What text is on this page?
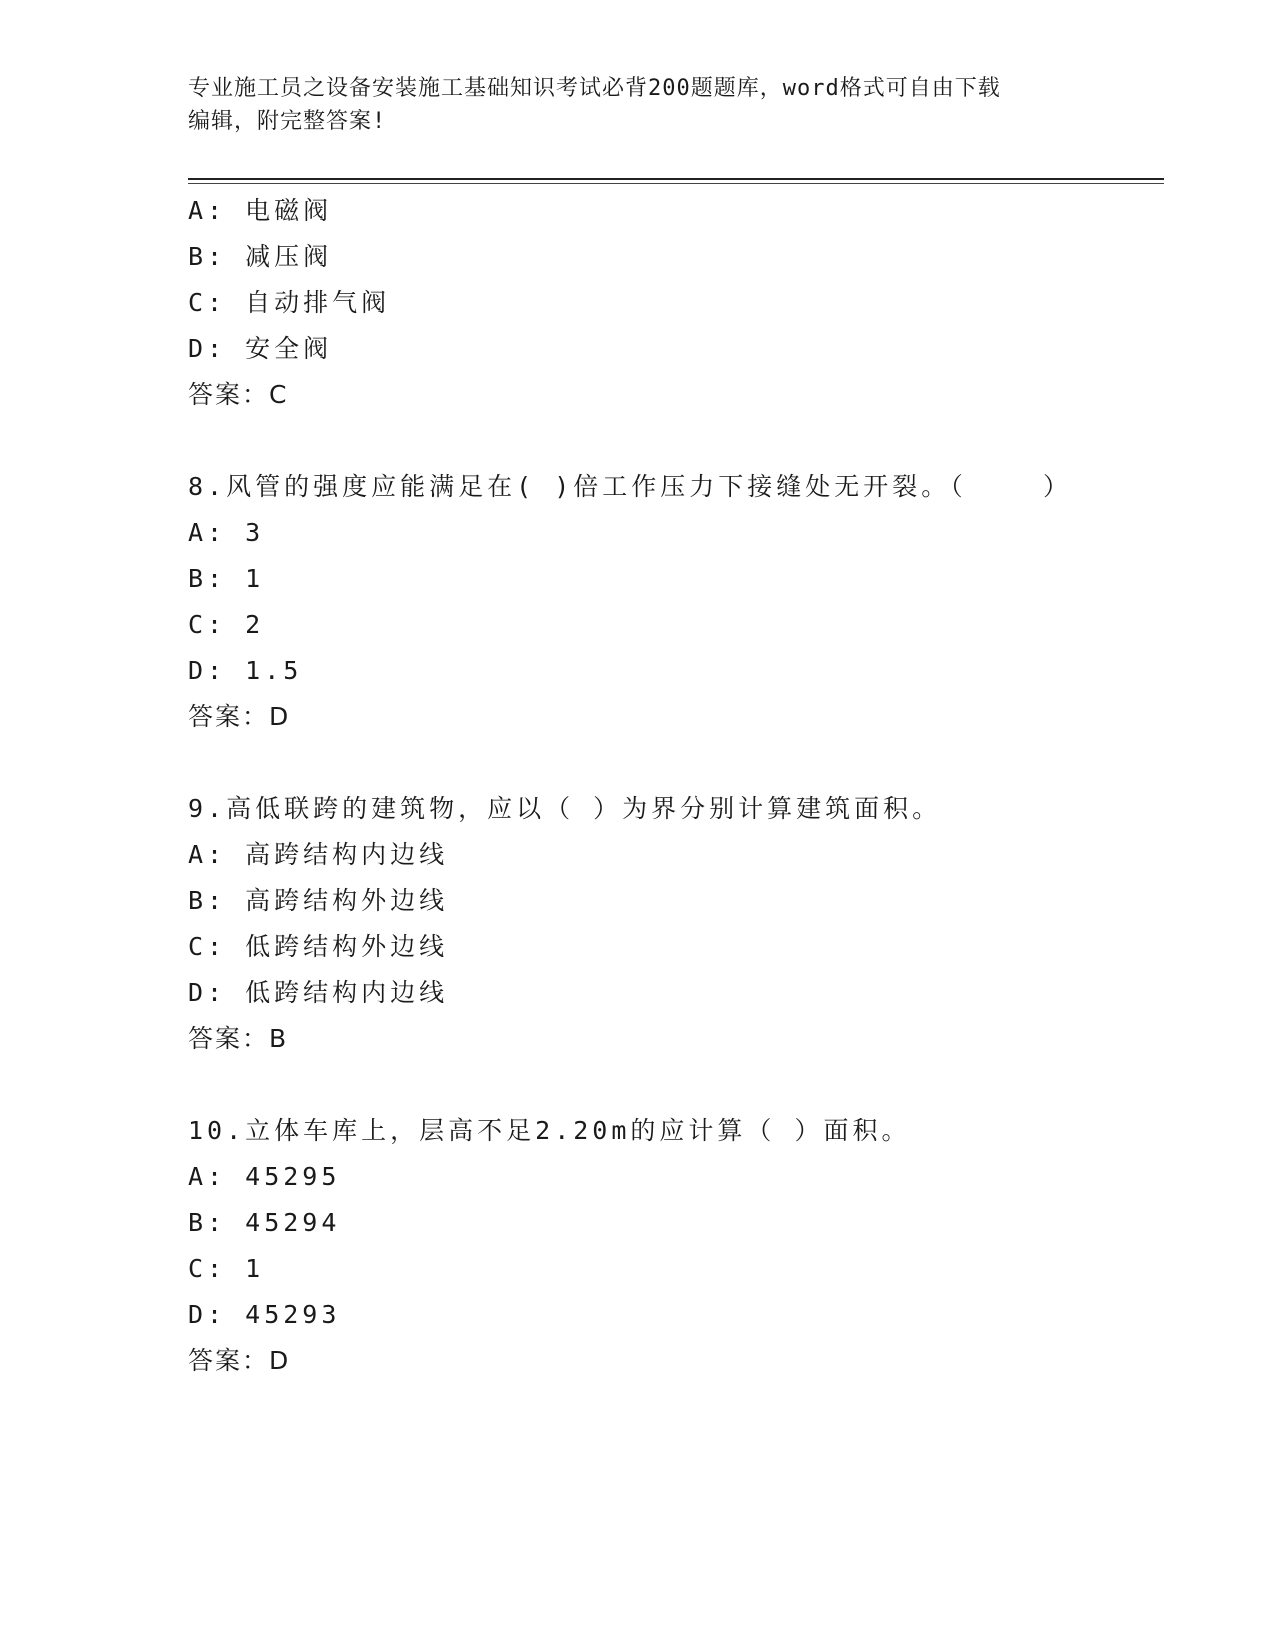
专业施工员之设备安装施工基础知识考试必背200题题库，word格式可自由下载
编辑，附完整答案!
A: 电磁阀
B: 减压阀
C: 自动排气阀
D: 安全阀
答案：C
8.风管的强度应能满足在( )倍工作压力下接缝处无开裂。（    ）
A: 3
B: 1
C: 2
D: 1.5
答案：D
9.高低联跨的建筑物，应以（ ）为界分别计算建筑面积。
A: 高跨结构内边线
B: 高跨结构外边线
C: 低跨结构外边线
D: 低跨结构内边线
答案：B
10.立体车库上，层高不足2.20m的应计算（ ）面积。
A: 45295
B: 45294
C: 1
D: 45293
答案：D
